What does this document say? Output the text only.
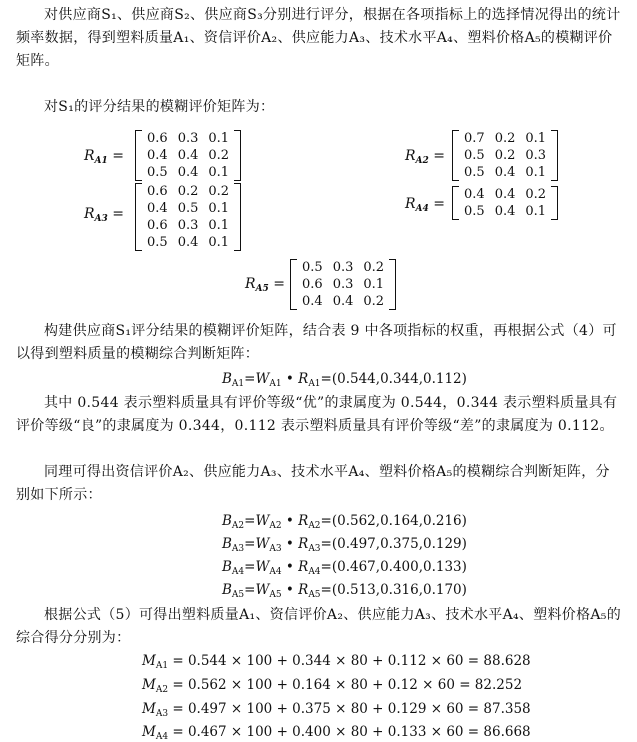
对供应商S₁、供应商S₂、供应商S₃分别进行评分，根据在各项指标上的选择情况得出的统计频率数据，得到塑料质量A₁、资信评价A₂、供应能力A₃、技术水平A₄、塑料价格A₅的模糊评价矩阵。
对S₁的评分结果的模糊评价矩阵为：
$R_{A1}$ =
0.6	0.3	0.1
0.4	0.4	0.2
0.5	0.4	0.1
$R_{A2}$ =
0.7	0.2	0.1
0.5	0.2	0.3
0.5	0.4	0.1
$R_{A3}$ =
0.6	0.2	0.2
0.4	0.5	0.1
0.6	0.3	0.1
0.5	0.4	0.1
$R_{A4}$ =
0.4	0.4	0.2
0.5	0.4	0.1
$R_{A5}$ =
0.5	0.3	0.2
0.6	0.3	0.1
0.4	0.4	0.2
构建供应商S₁评分结果的模糊评价矩阵，结合表 9 中各项指标的权重，再根据公式（4）可以得到塑料质量的模糊综合判断矩阵：
$B_{A1}=W_{A1}$ • $R_{A1}=(0.544,0.344,0.112)$
其中 0.544 表示塑料质量具有评价等级“优”的隶属度为 0.544，0.344 表示塑料质量具有评价等级“良”的隶属度为 0.344，0.112 表示塑料质量具有评价等级“差”的隶属度为 0.112。
同理可得出资信评价A₂、供应能力A₃、技术水平A₄、塑料价格A₅的模糊综合判断矩阵，分别如下所示：
$B_{A2}=W_{A2}$ • $R_{A2}=(0.562,0.164,0.216)$
$B_{A3}=W_{A3}$ • $R_{A3}=(0.497,0.375,0.129)$
$B_{A4}=W_{A4}$ • $R_{A4}=(0.467,0.400,0.133)$
$B_{A5}=W_{A5}$ • $R_{A5}=(0.513,0.316,0.170)$
根据公式（5）可得出塑料质量A₁、资信评价A₂、供应能力A₃、技术水平A₄、塑料价格A₅的综合得分分别为：
$M_{A1} = 0.544 \times 100 + 0.344 \times 80 + 0.112 \times 60 = 88.628$
$M_{A2} = 0.562 \times 100 + 0.164 \times 80 + 0.12 \times 60 = 82.252$
$M_{A3} = 0.497 \times 100 + 0.375 \times 80 + 0.129 \times 60 = 87.358$
$M_{A4} = 0.467 \times 100 + 0.400 \times 80 + 0.133 \times 60 = 86.668$
